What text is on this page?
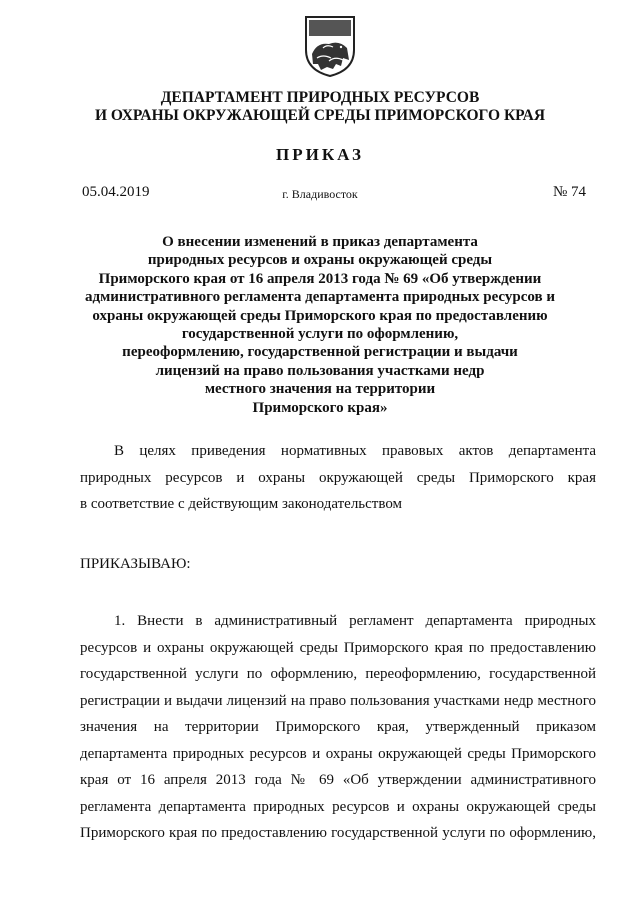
ДЕПАРТАМЕНТ ПРИРОДНЫХ РЕСУРСОВ
И ОХРАНЫ ОКРУЖАЮЩЕЙ СРЕДЫ ПРИМОРСКОГО КРАЯ
ПРИКАЗ
05.04.2019	г. Владивосток	№ 74
О внесении изменений в приказ департамента
природных ресурсов и охраны окружающей среды
Приморского края от 16 апреля 2013 года № 69 «Об утверждении
административного регламента департамента природных ресурсов и
охраны окружающей среды Приморского края по предоставлению
государственной услуги по оформлению,
переоформлению, государственной регистрации и выдачи
лицензий на право пользования участками недр
местного значения на территории
Приморского края»
В целях приведения нормативных правовых актов департамента
природных ресурсов и охраны окружающей среды Приморского края
в соответствие с действующим законодательством
ПРИКАЗЫВАЮ:
1. Внести в административный регламент департамента природных
ресурсов и охраны окружающей среды Приморского края по предоставлению
государственной услуги по оформлению, переоформлению, государственной
регистрации и выдачи лицензий на право пользования участками недр местного
значения на территории Приморского края, утвержденный приказом
департамента природных ресурсов и охраны окружающей среды Приморского
края от 16 апреля 2013 года № 69 «Об утверждении административного
регламента департамента природных ресурсов и охраны окружающей среды
Приморского края по предоставлению государственной услуги по оформлению,
